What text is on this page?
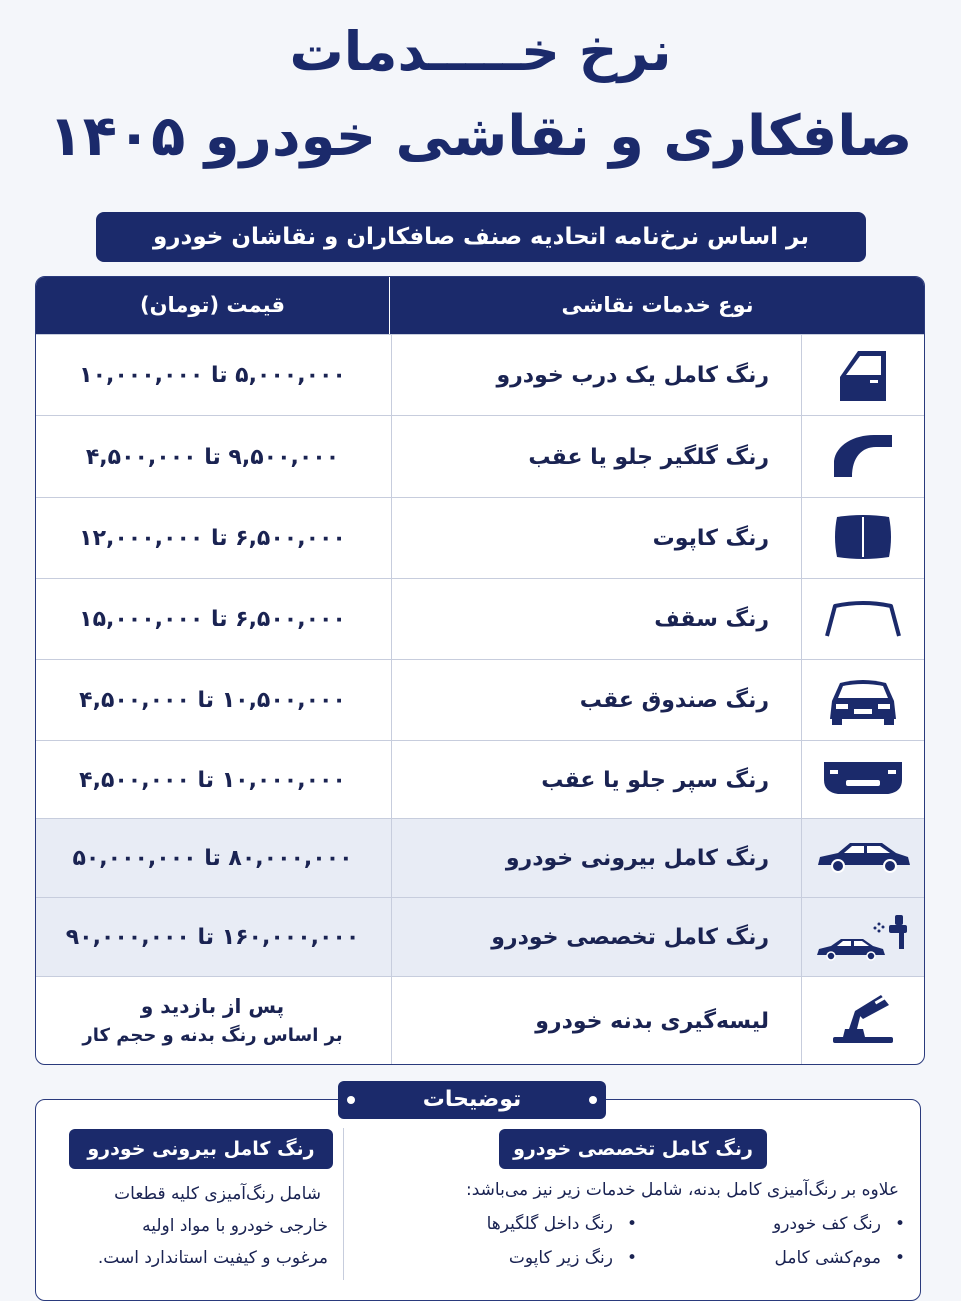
نرخ خـــــدمات
صافکاری و نقاشی خودرو ۱۴۰۵
بر اساس نرخ‌نامه اتحادیه صنف صافکاران و نقاشان خودرو
نوع خدمات نقاشی
قیمت (تومان)
رنگ کامل یک درب خودرو
۵,۰۰۰,۰۰۰ تا ۱۰,۰۰۰,۰۰۰
رنگ گلگیر جلو یا عقب
۹,۵۰۰,۰۰۰ تا ۴,۵۰۰,۰۰۰
رنگ کاپوت
۶,۵۰۰,۰۰۰ تا ۱۲,۰۰۰,۰۰۰
رنگ سقف
۶,۵۰۰,۰۰۰ تا ۱۵,۰۰۰,۰۰۰
رنگ صندوق عقب
۱۰,۵۰۰,۰۰۰ تا ۴,۵۰۰,۰۰۰
رنگ سپر جلو یا عقب
۱۰,۰۰۰,۰۰۰ تا ۴,۵۰۰,۰۰۰
رنگ کامل بیرونی خودرو
۸۰,۰۰۰,۰۰۰ تا ۵۰,۰۰۰,۰۰۰
رنگ کامل تخصصی خودرو
۱۶۰,۰۰۰,۰۰۰ تا ۹۰,۰۰۰,۰۰۰
لیسه‌گیری بدنه خودرو
پس از بازدید و
بر اساس رنگ بدنه و حجم کار
توضیحات
رنگ کامل تخصصی خودرو
رنگ کامل بیرونی خودرو
علاوه بر رنگ‌آمیزی کامل بدنه، شامل خدمات زیر نیز می‌باشد:
• رنگ کف خودرو
• رنگ داخل گلگیرها
• موم‌کشی کامل
• رنگ زیر کاپوت
شامل رنگ‌آمیزی کلیه قطعات
خارجی خودرو با مواد اولیه
مرغوب و کیفیت استاندارد است.
